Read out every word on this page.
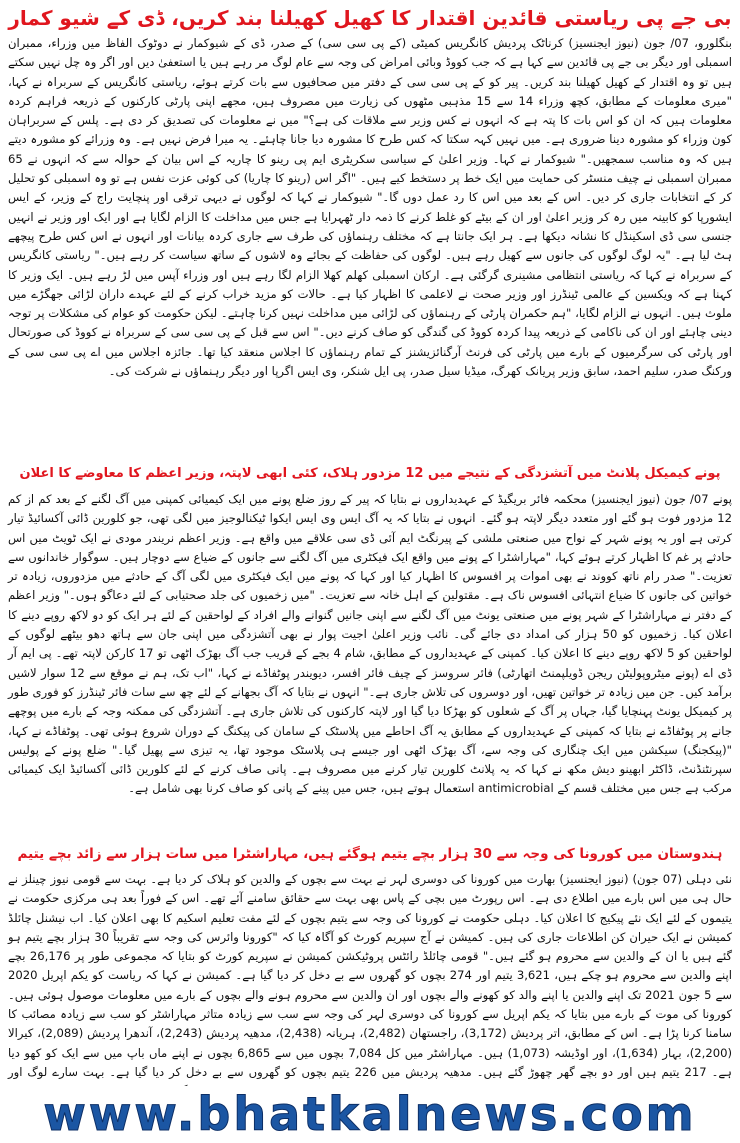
بی جے پی ریاستی قائدین اقتدار کا کھیل کھیلنا بند کریں، ڈی کے شیو کمار

بنگلورو، 07/ جون (نیوز ایجنسیز) کرناٹک پردیش کانگریس کمیٹی (کے پی سی سی) کے صدر، ڈی کے شیوکمار نے دوٹوک الفاظ میں وزراء، ممبران اسمبلی اور دیگر بی جے پی قائدین سے کہا ہے کہ جب کووڈ وبائی امراض کی وجہ سے عام لوگ مر رہے ہیں یا استعفیٰ دیں اور اگر وہ چل نہیں سکتے ہیں تو وہ اقتدار کے کھیل کھیلنا بند کریں۔ پیر کو کے پی سی سی کے دفتر میں صحافیوں سے بات کرتے ہوئے، ریاستی کانگریس کے سربراہ نے کہا، "میری معلومات کے مطابق، کچھ وزراء 14 سے 15 مذہبی مٹھوں کی زیارت میں مصروف ہیں، مجھے اپنی پارٹی کارکنوں کے ذریعہ فراہم کردہ معلومات ہیں کہ ان کو اس بات کا پتہ ہے کہ انہوں نے کس وزیر سے ملاقات کی ہے؟" میں نے معلومات کی تصدیق کر دی ہے۔ پلس کے سربراہان کون وزراء کو مشورہ دینا ضروری ہے۔ میں نہیں کہہ سکتا کہ کس طرح کا مشورہ دیا جانا چاہئے۔ یہ میرا فرض نہیں ہے۔ وہ وزرائے کو مشورہ دیتے ہیں کہ وہ مناسب سمجھیں۔" شیوکمار نے کہا۔ وزیر اعلیٰ کے سیاسی سکریٹری ایم پی رینو کا چاریہ کے اس بیان کے حوالہ سے کہ انہوں نے 65 ممبران اسمبلی نے چیف منسٹر کی حمایت میں ایک خط پر دستخط کیے ہیں۔ "اگر اس (رینو کا چاریا) کی کوئی عزت نفس ہے تو وہ اسمبلی کو تحلیل کر کے انتخابات جاری کر دیں۔ اس کے بعد میں اس کا رد عمل دوں گا۔" شیوکمار نے کہا کہ لوگوں نے دیہی ترقی اور پنچایت راج کے وزیر، کے ایس ایشورپا کو کابینہ میں رہ کر وزیر اعلیٰ اور ان کے بیٹے کو غلط کرنے کا ذمہ دار ٹھہرایا ہے جس میں مداخلت کا الزام لگایا ہے اور ایک اور وزیر نے انہیں جنسی سی ڈی اسکینڈل کا نشانہ دیکھا ہے۔ ہر ایک جانتا ہے کہ مختلف رہنماؤں کی طرف سے جاری کردہ بیانات اور انہوں نے اس کس طرح پیچھے ہٹ لیا ہے۔ "یہ لوگ لوگوں کی جانوں سے کھیل رہے ہیں۔ لوگوں کی حفاظت کے بجائے وہ لاشوں کے ساتھ سیاست کر رہے ہیں۔" ریاستی کانگریس کے سربراہ نے کہا کہ ریاستی انتظامی مشینری گرگئی ہے۔ ارکان اسمبلی کھلم کھلا الزام لگا رہے ہیں اور وزراء آپس میں لڑ رہے ہیں۔ ایک وزیر کا کہنا ہے کہ ویکسین کے عالمی ٹینڈرز اور وزیر صحت نے لاعلمی کا اظہار کیا ہے۔ حالات کو مزید خراب کرنے کے لئے عہدے داران لڑائی جھگڑے میں ملوث ہیں۔ انہوں نے الزام لگایا، "ہم حکمران پارٹی کے رہنماؤں کی لڑائی میں مداخلت نہیں کرنا چاہتے۔ لیکن حکومت کو عوام کی مشکلات پر توجہ دینی چاہئے اور ان کی ناکامی کے ذریعہ پیدا کردہ کووڈ کی گندگی کو صاف کرنے دیں۔" اس سے قبل کے پی سی سی کے سربراہ نے کووڈ کی صورتحال اور پارٹی کی سرگرمیوں کے بارے میں پارٹی کی فرنٹ آرگنائزیشنز کے تمام رہنماؤں کا اجلاس منعقد کیا تھا۔ جائزہ اجلاس میں اے پی سی سی کے ورکنگ صدر، سلیم احمد، سابق وزیر پریانک کھرگ، میڈیا سیل صدر، پی ایل شنکر، وی ایس اگرپا اور دیگر رہنماؤں نے شرکت کی۔

پونے کیمیکل پلانٹ میں آتشزدگی کے نتیجے میں 12 مزدور ہلاک، کئی ابھی لاپتہ، وزیر اعظم کا معاوضے کا اعلان

پونے 07/ جون (نیوز ایجنسیز) محکمہ فائر بریگیڈ کے عہدیداروں نے بتایا کہ پیر کے روز ضلع پونے میں ایک کیمیائی کمپنی میں آگ لگنے کے بعد کم از کم 12 مزدور فوت ہو گئے اور متعدد دیگر لاپتہ ہو گئے۔ انہوں نے بتایا کہ یہ آگ ایس وی ایس ایکوا ٹیکنالوجیز میں لگی تھی، جو کلورین ڈائی آکسائیڈ تیار کرتی ہے اور یہ پونے شہر کے نواح میں صنعتی ملشی کے پیرنگٹ ایم آئی ڈی سی علاقے میں واقع ہے۔ وزیر اعظم نریندر مودی نے ایک ٹویٹ میں اس حادثے پر غم کا اظہار کرتے ہوئے کہا، "مہاراشٹرا کے پونے میں واقع ایک فیکٹری میں آگ لگنے سے جانوں کے ضیاع سے دوچار ہیں۔ سوگوار خاندانوں سے تعزیت۔" صدر رام ناتھ کووند نے بھی اموات پر افسوس کا اظہار کیا اور کہا کہ پونے میں ایک فیکٹری میں لگی آگ کے حادثے میں مزدوروں، زیادہ تر خواتین کی جانوں کا ضیاع انتہائی افسوس ناک ہے۔ مقتولین کے اہل خانہ سے تعزیت۔ "میں زخمیوں کی جلد صحتیابی کے لئے دعاگو ہوں۔" وزیر اعظم کے دفتر نے مہاراشٹرا کے شہر پونے میں صنعتی یونٹ میں آگ لگنے سے اپنی جانیں گنوانے والے افراد کے لواحقین کے لئے ہر ایک کو دو لاکھ روپے دینے کا اعلان کیا۔ زخمیوں کو 50 ہزار کی امداد دی جائے گی۔ نائب وزیر اعلیٰ اجیت پوار نے بھی آتشزدگی میں اپنی جان سے ہاتھ دھو بیٹھے لوگوں کے لواحقین کو 5 لاکھ روپے دینے کا اعلان کیا۔ کمپنی کے عہدیداروں کے مطابق، شام 4 بجے کے قریب جب آگ بھڑک اٹھی تو 17 کارکن لاپتہ تھے۔ پی ایم آر ڈی اے (پونے میٹروپولیٹن ریجن ڈویلپمنٹ اتھارٹی) فائر سروسز کے چیف فائر افسر، دیویندر پوٹفاڈے نے کہا، "اب تک، ہم نے موقع سے 12 سوار لاشیں برآمد کیں۔ جن میں زیادہ تر خواتین تھیں، اور دوسروں کی تلاش جاری ہے۔" انہوں نے بتایا کہ آگ بجھانے کے لئے چھ سے سات فائر ٹینڈرز کو فوری طور پر کیمیکل یونٹ پہنچایا گیا، جہاں پر آگ کے شعلوں کو بھڑکا دیا گیا اور لاپتہ کارکنوں کی تلاش جاری ہے۔ آتشزدگی کی ممکنہ وجہ کے بارے میں پوچھے جانے پر پوٹفاڈے نے بتایا کہ کمپنی کے عہدیداروں کے مطابق یہ آگ احاطے میں پلاسٹک کے سامان کی پیکنگ کے دوران شروع ہوئی تھی۔ پوٹفاڈے نے کہا، "(پیکجنگ) سیکشن میں ایک چنگاری کی وجہ سے، آگ بھڑک اٹھی اور جیسے ہی پلاسٹک موجود تھا، یہ تیزی سے پھیل گیا۔" ضلع پونے کے پولیس سپرنٹنڈنٹ، ڈاکٹر ابھینو دیش مکھ نے کہا کہ یہ پلانٹ کلورین تیار کرنے میں مصروف ہے۔ پانی صاف کرنے کے لئے کلورین ڈائی آکسائیڈ ایک کیمیائی مرکب ہے جس میں مختلف قسم کے antimicrobial استعمال ہوتے ہیں، جس میں پینے کے پانی کو صاف کرنا بھی شامل ہے۔

ہندوستان میں کورونا کی وجہ سے 30 ہزار بچے یتیم ہوگئے ہیں، مہاراشٹرا میں سات ہزار سے زائد بچے یتیم

نئی دہلی (07 جون) (نیوز ایجنسیز) بھارت میں کورونا کی دوسری لہر نے بہت سے بچوں کے والدین کو ہلاک کر دیا ہے۔ بہت سے قومی نیوز چینلز نے حال ہی میں اس بارے میں اطلاع دی ہے۔ اس رپورٹ میں بچی کے پاس بھی بہت سے حقائق سامنے آئے تھے۔ اس کے فوراً بعد ہی مرکزی حکومت نے یتیموں کے لئے ایک نئے پیکیج کا اعلان کیا۔ دہلی حکومت نے کورونا کی وجہ سے یتیم بچوں کے لئے مفت تعلیم اسکیم کا بھی اعلان کیا۔ اب نیشنل چائلڈ کمیشن نے ایک حیران کن اطلاعات جاری کی ہیں۔ کمیشن نے آج سپریم کورٹ کو آگاہ کیا کہ "کورونا وائرس کی وجہ سے تقریباً 30 ہزار بچے یتیم ہو گئے ہیں یا ان کے والدین سے محروم ہو گئے ہیں۔" قومی چائلڈ رائٹس پروٹیکشن کمیشن نے سپریم کورٹ کو بتایا کہ مجموعی طور پر 26,176 بچے اپنے والدین سے محروم ہو چکے ہیں، 3,621 یتیم اور 274 بچوں کو گھروں سے بے دخل کر دیا گیا ہے۔ کمیشن نے کہا کہ ریاست کو یکم اپریل 2020 سے 5 جون 2021 تک اپنے والدین یا اپنے والد کو کھونے والے بچوں اور ان والدین سے محروم ہونے والے بچوں کے بارے میں معلومات موصول ہوئی ہیں۔ کورونا کی موت کے بارے میں بتایا کہ یکم اپریل سے کورونا کی دوسری لہر کی وجہ سے سب سے زیادہ متاثر مہاراشٹر کو سب سے زیادہ مصائب کا سامنا کرنا پڑا ہے۔ اس کے مطابق، اتر پردیش (3,172)، راجستھان (2,482)، ہریانہ (2,438)، مدھیہ پردیش (2,243)، آندھرا پردیش (2,089)، کیرالا (2,200)، بہار (1,634)، اور اوڈیشہ (1,073) ہیں۔ مہاراشٹر میں کل 7,084 بچوں میں سے 6,865 بچوں نے اپنے ماں باپ میں سے ایک کو کھو دیا ہے۔ 217 یتیم ہیں اور دو بچے گھر چھوڑ گئے ہیں۔ مدھیہ پردیش میں 226 یتیم بچوں کو گھروں سے بے دخل کر دیا گیا ہے۔ بہت سارے لوگ اور

www.bhatkalnews.com
